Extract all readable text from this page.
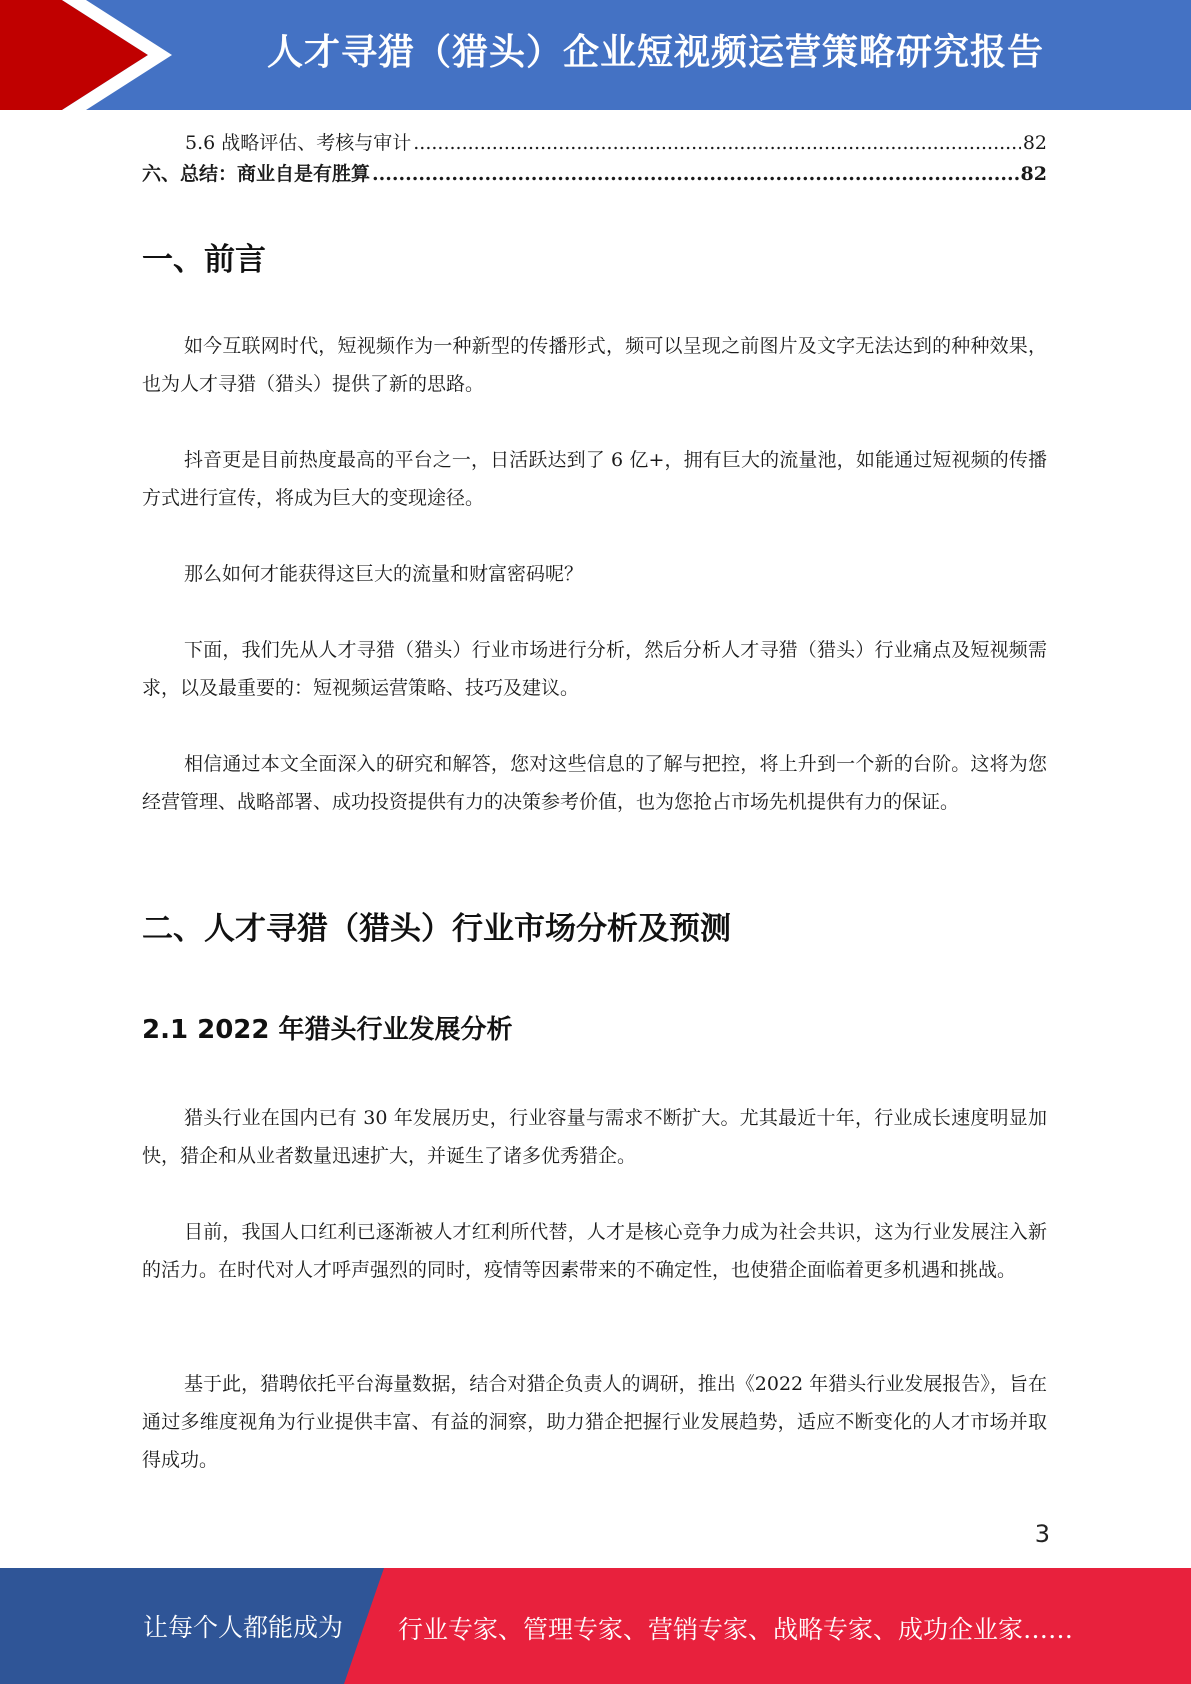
人才寻猎（猎头）企业短视频运营策略研究报告
5.6 战略评估、考核与审计 .....	82
六、总结：商业自是有胜算 .....	82
一、前言
如今互联网时代，短视频作为一种新型的传播形式，频可以呈现之前图片及文字无法达到的种种效果，也为人才寻猎（猎头）提供了新的思路。
抖音更是目前热度最高的平台之一，日活跃达到了 6 亿+，拥有巨大的流量池，如能通过短视频的传播方式进行宣传，将成为巨大的变现途径。
那么如何才能获得这巨大的流量和财富密码呢？
下面，我们先从人才寻猎（猎头）行业市场进行分析，然后分析人才寻猎（猎头）行业痛点及短视频需求，以及最重要的：短视频运营策略、技巧及建议。
相信通过本文全面深入的研究和解答，您对这些信息的了解与把控，将上升到一个新的台阶。这将为您经营管理、战略部署、成功投资提供有力的决策参考价值，也为您抢占市场先机提供有力的保证。
二、人才寻猎（猎头）行业市场分析及预测
2.1 2022 年猎头行业发展分析
猎头行业在国内已有 30 年发展历史，行业容量与需求不断扩大。尤其最近十年，行业成长速度明显加快，猎企和从业者数量迅速扩大，并诞生了诸多优秀猎企。
目前，我国人口红利已逐渐被人才红利所代替，人才是核心竞争力成为社会共识，这为行业发展注入新的活力。在时代对人才呼声强烈的同时，疫情等因素带来的不确定性，也使猎企面临着更多机遇和挑战。
基于此，猎聘依托平台海量数据，结合对猎企负责人的调研，推出《2022 年猎头行业发展报告》，旨在通过多维度视角为行业提供丰富、有益的洞察，助力猎企把握行业发展趋势，适应不断变化的人才市场并取得成功。
3
让每个人都能成为 行业专家、管理专家、营销专家、战略专家、成功企业家……
